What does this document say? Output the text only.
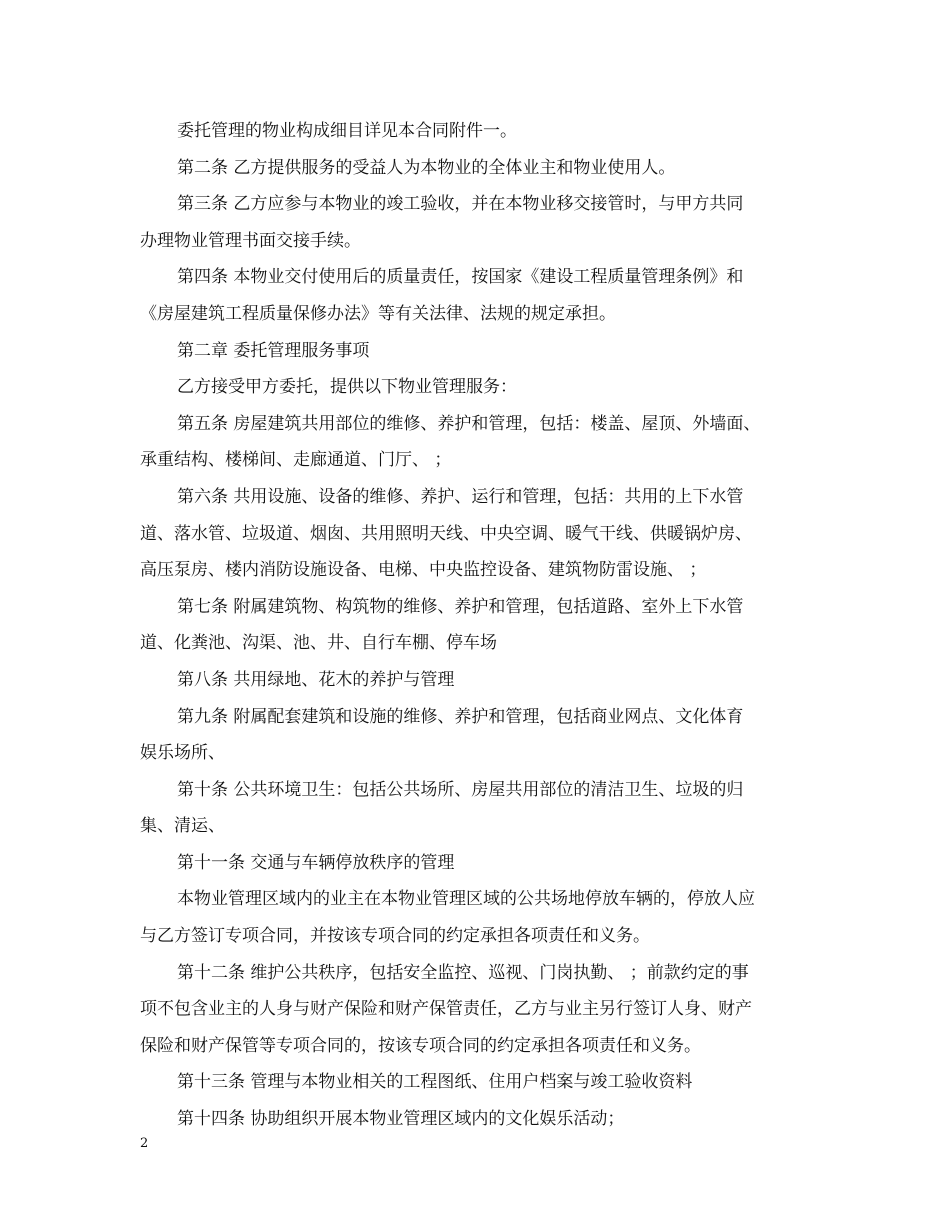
委托管理的物业构成细目详见本合同附件一。
第二条 乙方提供服务的受益人为本物业的全体业主和物业使用人。
第三条 乙方应参与本物业的竣工验收，并在本物业移交接管时，与甲方共同
办理物业管理书面交接手续。
第四条 本物业交付使用后的质量责任，按国家《建设工程质量管理条例》和
《房屋建筑工程质量保修办法》等有关法律、法规的规定承担。
第二章 委托管理服务事项
乙方接受甲方委托，提供以下物业管理服务：
第五条 房屋建筑共用部位的维修、养护和管理，包括：楼盖、屋顶、外墙面、
承重结构、楼梯间、走廊通道、门厅、 ；
第六条 共用设施、设备的维修、养护、运行和管理，包括：共用的上下水管
道、落水管、垃圾道、烟囱、共用照明天线、中央空调、暖气干线、供暖锅炉房、
高压泵房、楼内消防设施设备、电梯、中央监控设备、建筑物防雷设施、 ；
第七条 附属建筑物、构筑物的维修、养护和管理，包括道路、室外上下水管
道、化粪池、沟渠、池、井、自行车棚、停车场
第八条 共用绿地、花木的养护与管理
第九条 附属配套建筑和设施的维修、养护和管理，包括商业网点、文化体育
娱乐场所、
第十条 公共环境卫生：包括公共场所、房屋共用部位的清洁卫生、垃圾的归
集、清运、
第十一条 交通与车辆停放秩序的管理
本物业管理区域内的业主在本物业管理区域的公共场地停放车辆的，停放人应
与乙方签订专项合同，并按该专项合同的约定承担各项责任和义务。
第十二条 维护公共秩序，包括安全监控、巡视、门岗执勤、 ；前款约定的事
项不包含业主的人身与财产保险和财产保管责任，乙方与业主另行签订人身、财产
保险和财产保管等专项合同的，按该专项合同的约定承担各项责任和义务。
第十三条 管理与本物业相关的工程图纸、住用户档案与竣工验收资料
第十四条 协助组织开展本物业管理区域内的文化娱乐活动；
2
